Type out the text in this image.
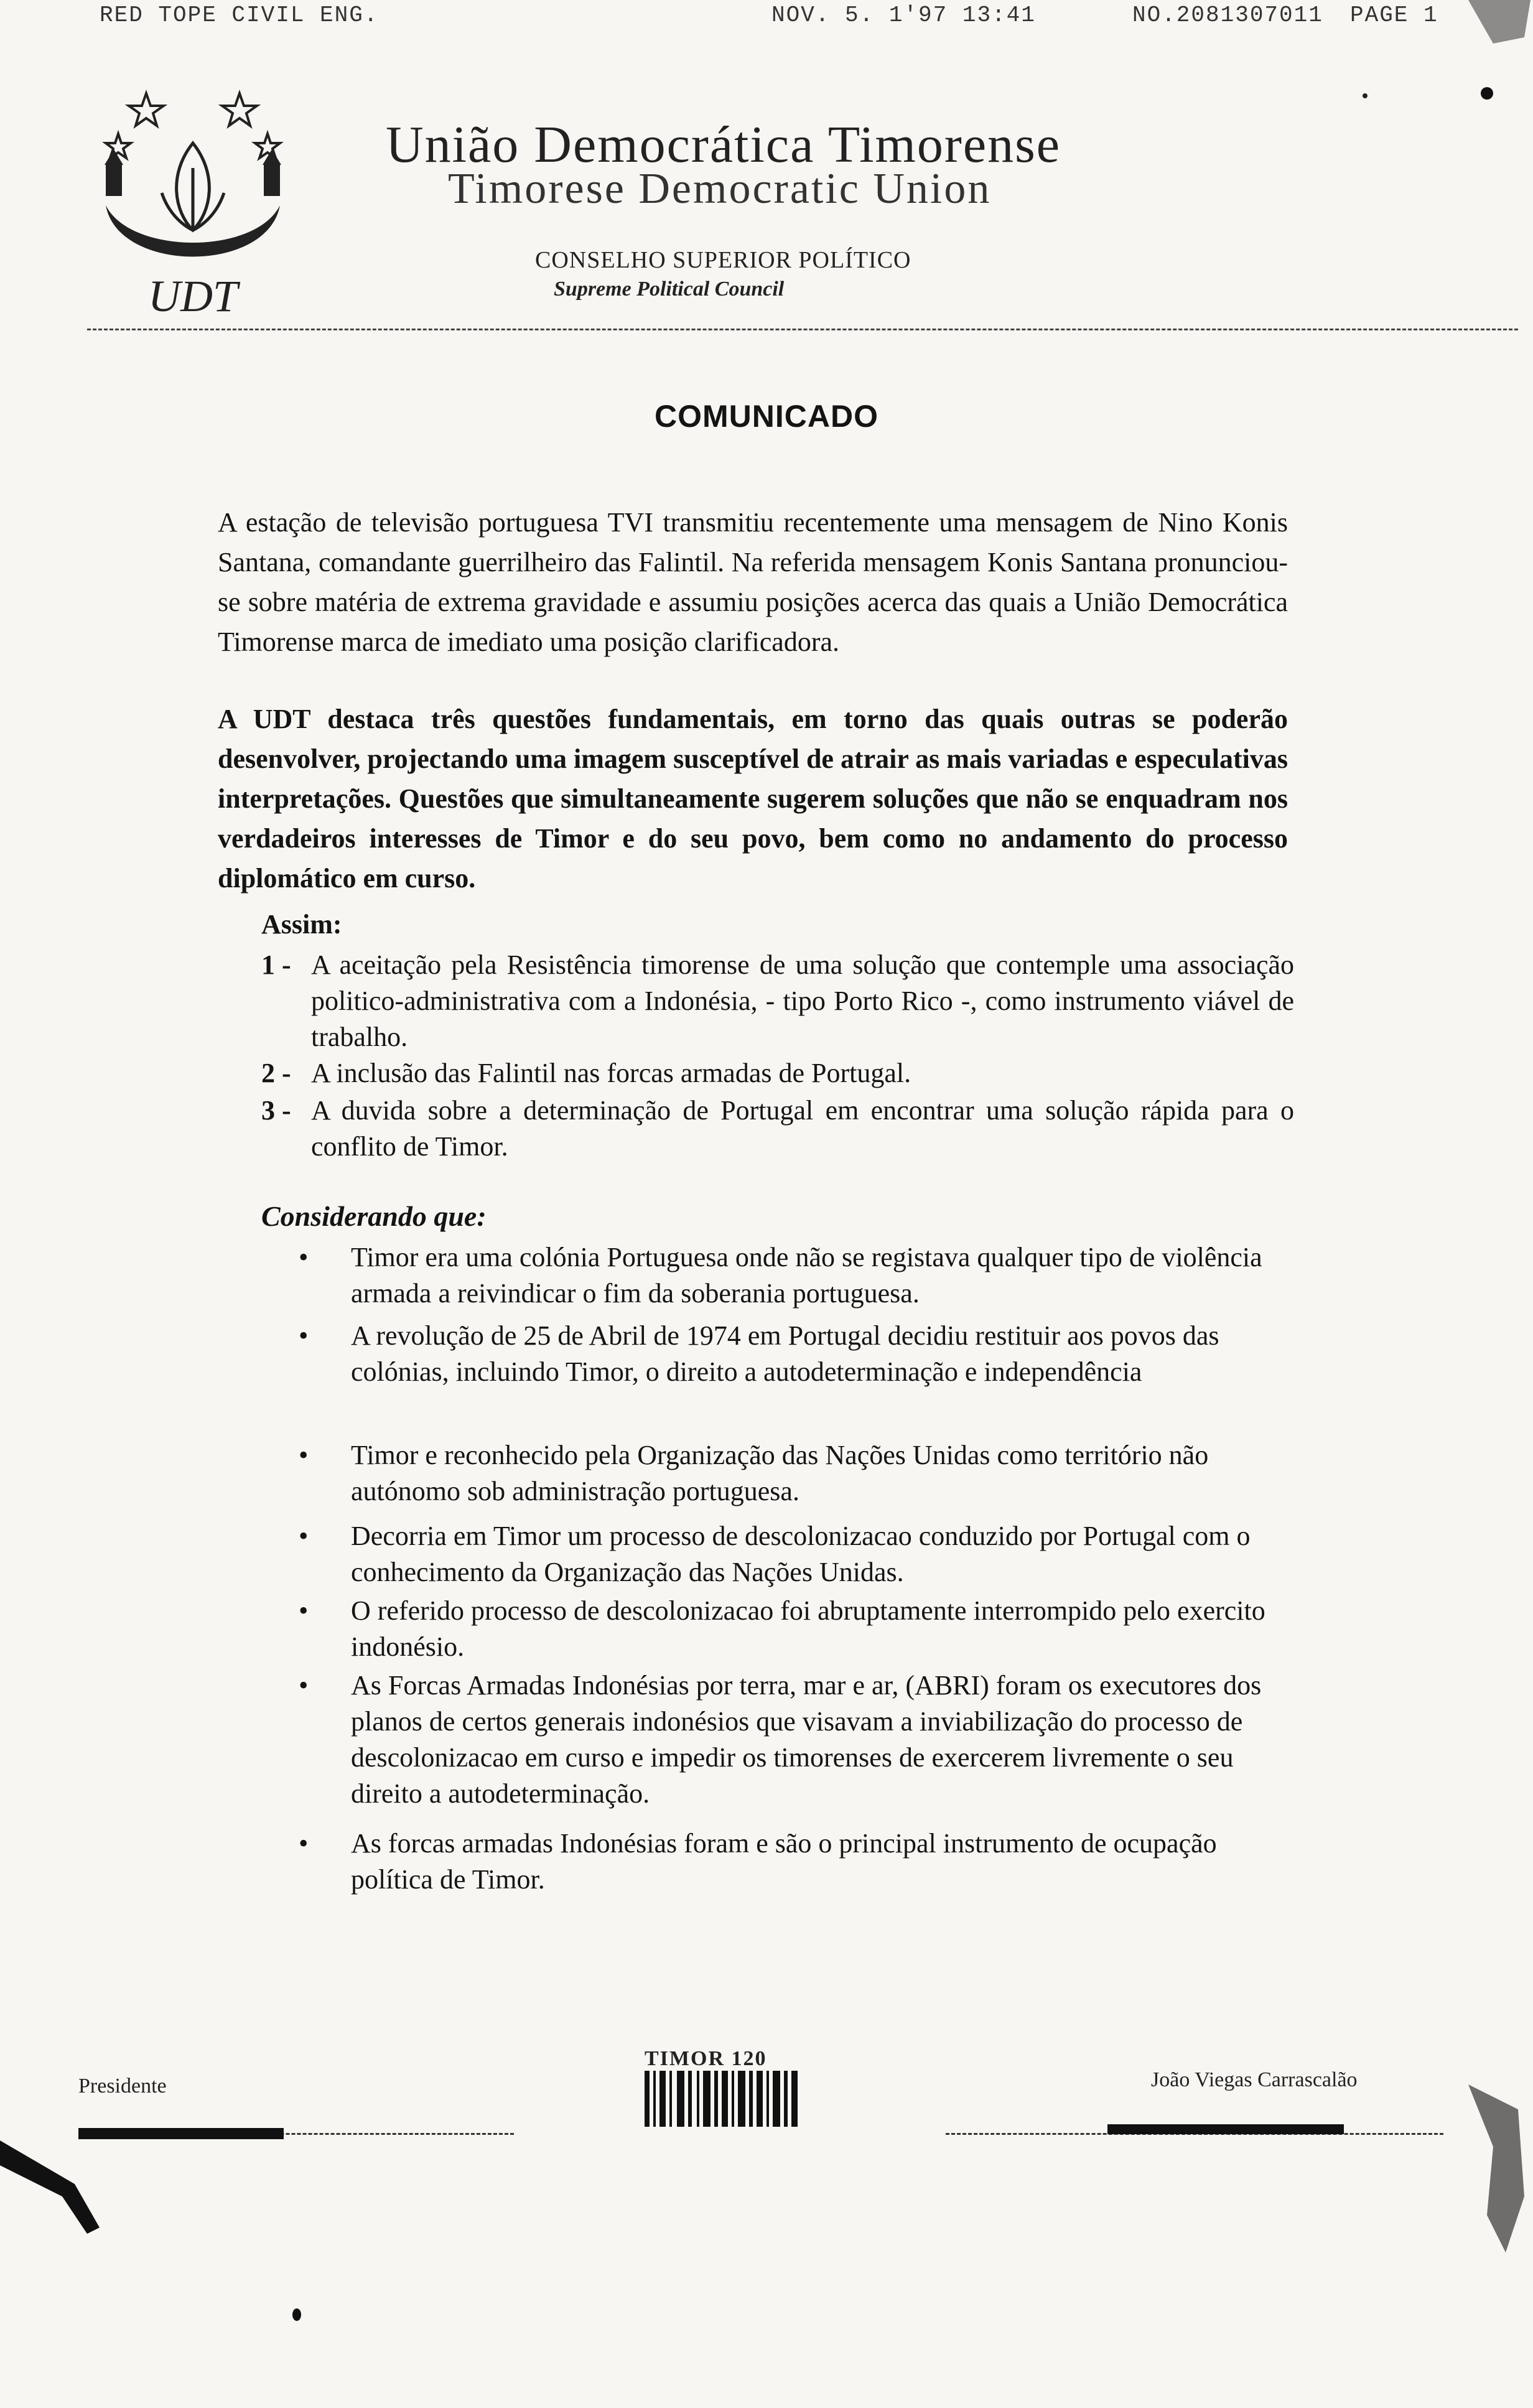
RED TOPE CIVIL ENG.	NOV. 5. 1'97 13:41	NO.2081307011 PAGE 1
UDT
União Democrática Timorense
Timorese Democratic Union
CONSELHO SUPERIOR POLÍTICO
Supreme Political Council
COMUNICADO
A estação de televisão portuguesa TVI transmitiu recentemente uma mensagem de Nino Konis Santana, comandante guerrilheiro das Falintil. Na referida mensagem Konis Santana pronunciou-se sobre matéria de extrema gravidade e assumiu posições acerca das quais a União Democrática Timorense marca de imediato uma posição clarificadora.
A UDT destaca três questões fundamentais, em torno das quais outras se poderão desenvolver, projectando uma imagem susceptível de atrair as mais variadas e especulativas interpretações. Questões que simultaneamente sugerem soluções que não se enquadram nos verdadeiros interesses de Timor e do seu povo, bem como no andamento do processo diplomático em curso.
Assim:
1 - A aceitação pela Resistência timorense de uma solução que contemple uma associação politico-administrativa com a Indonésia, - tipo Porto Rico -, como instrumento viável de trabalho.
2 - A inclusão das Falintil nas forcas armadas de Portugal.
3 - A duvida sobre a determinação de Portugal em encontrar uma solução rápida para o conflito de Timor.
Considerando que:
•	Timor era uma colónia Portuguesa onde não se registava qualquer tipo de violência armada a reivindicar o fim da soberania portuguesa.
•	A revolução de 25 de Abril de 1974 em Portugal decidiu restituir aos povos das colónias, incluindo Timor, o direito a autodeterminação e independência
•	Timor e reconhecido pela Organização das Nações Unidas como território não autónomo sob administração portuguesa.
•	Decorria em Timor um processo de descolonizacao conduzido por Portugal com o conhecimento da Organização das Nações Unidas.
•	O referido processo de descolonizacao foi abruptamente interrompido pelo exercito indonésio.
•	As Forcas Armadas Indonésias por terra, mar e ar, (ABRI) foram os executores dos planos de certos generais indonésios que visavam a inviabilização do processo de descolonizacao em curso e impedir os timorenses de exercerem livremente o seu direito a autodeterminação.
•	As forcas armadas Indonésias foram e são o principal instrumento de ocupação política de Timor.
Presidente
TIMOR 120
João Viegas Carrascalão
